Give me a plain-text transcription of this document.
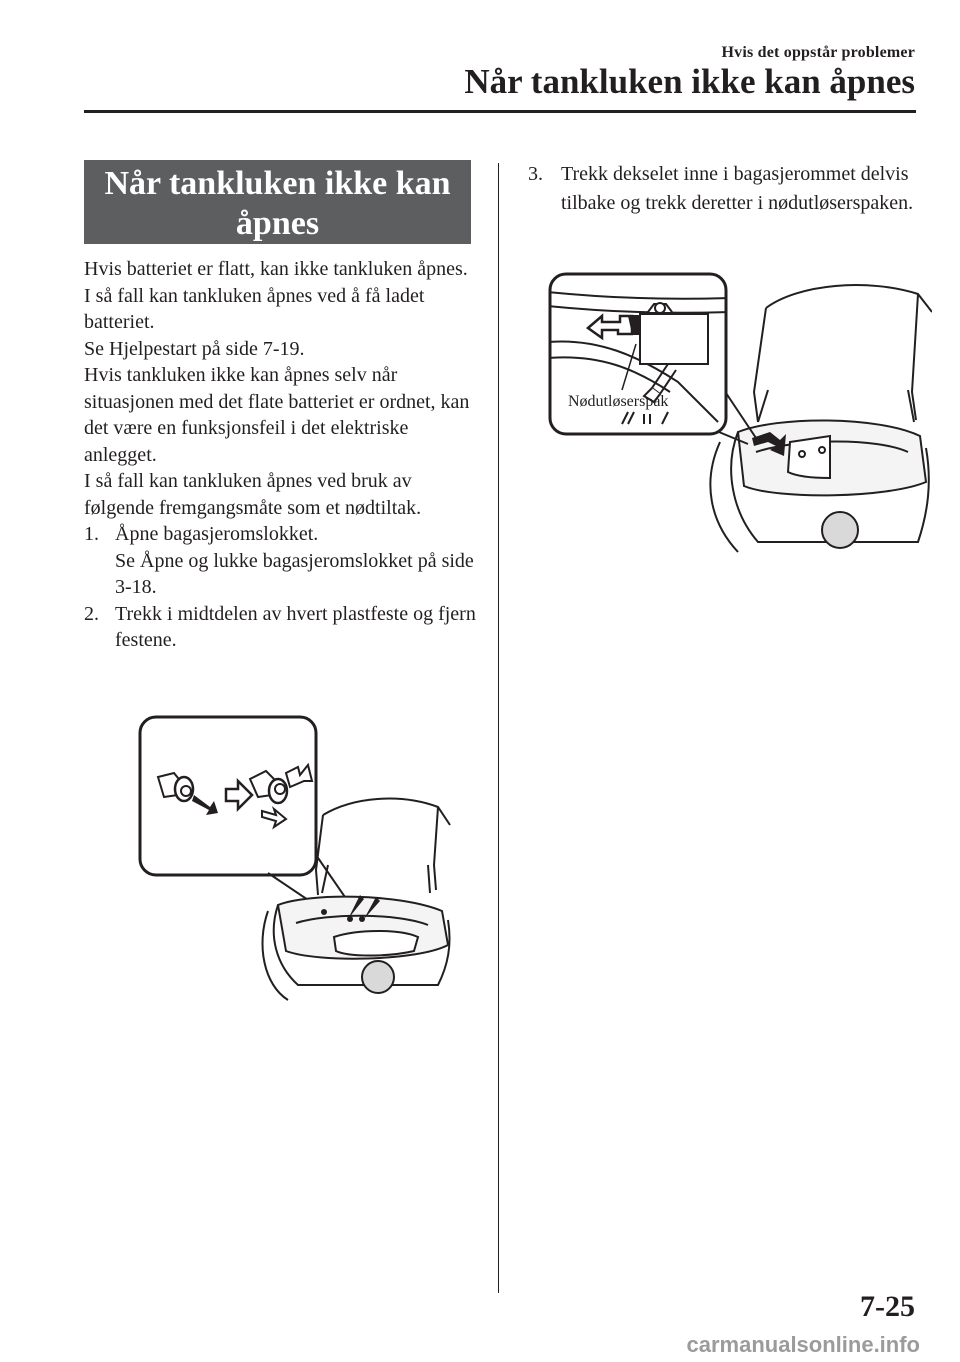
Hvis det oppstår problemer
Når tankluken ikke kan åpnes
Når tankluken ikke kan
åpnes

Hvis batteriet er flatt, kan ikke tankluken åpnes.

I så fall kan tankluken åpnes ved å få ladet batteriet.

Se Hjelpestart på side 7-19.

Hvis tankluken ikke kan åpnes selv når situasjonen med det flate batteriet er ordnet, kan det være en funksjonsfeil i det elektriske anlegget.

I så fall kan tankluken åpnes ved bruk av følgende fremgangsmåte som et nødtiltak.

1. Åpne bagasjeromslokket.
Se Åpne og lukke bagasjeromslokket på side 3-18.
2. Trekk i midtdelen av hvert plastfeste og fjern festene.
3. Trekk dekselet inne i bagasjerommet delvis tilbake og trekk deretter i nødutløserspaken.
Nødutløserspak
7-25
carmanualsonline.info
